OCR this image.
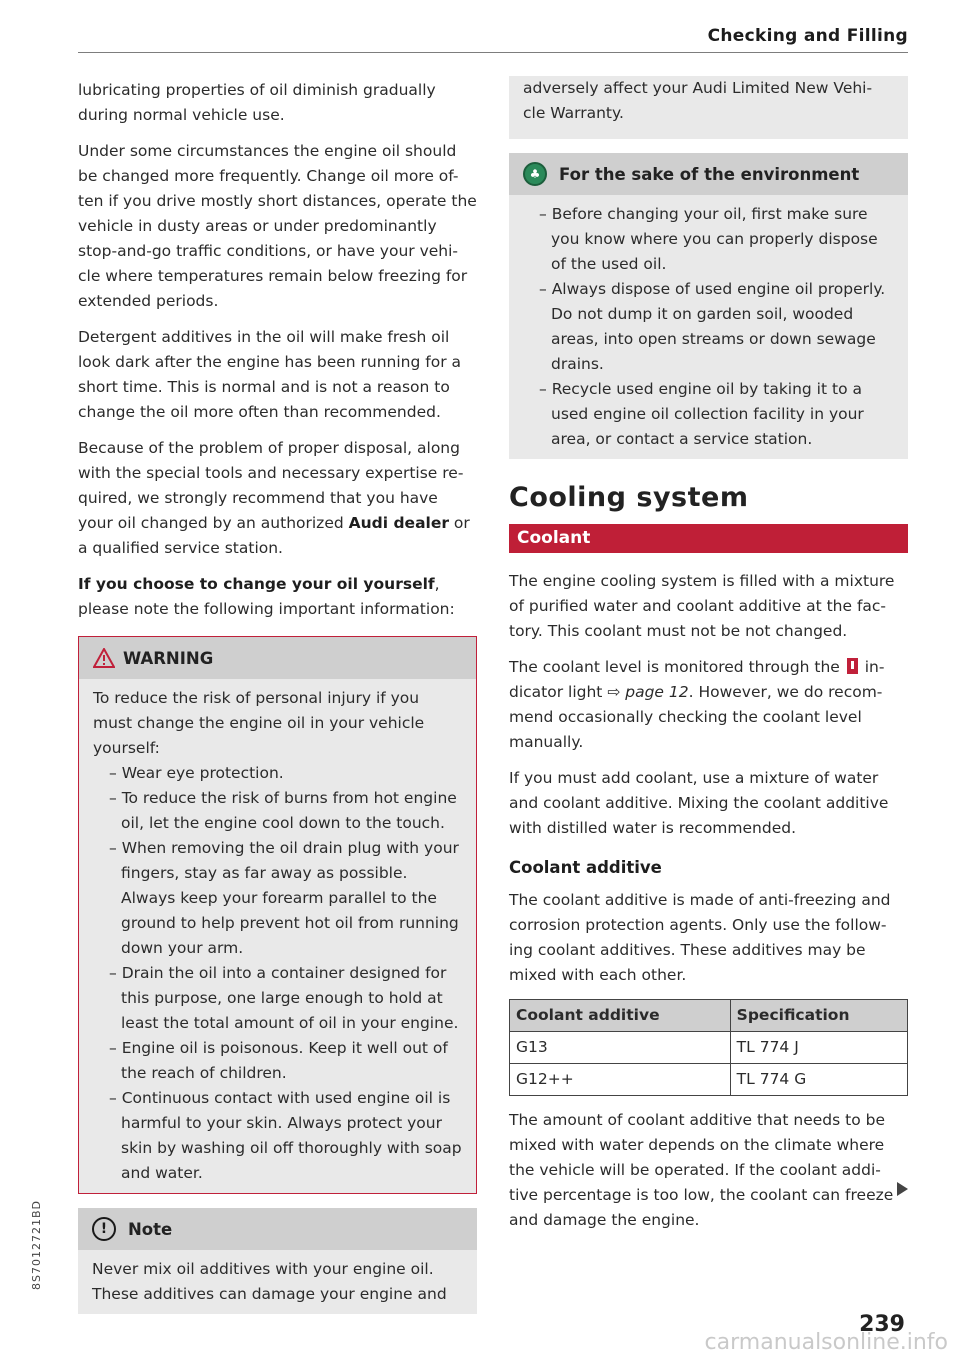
Checking and Filling

lubricating properties of oil diminish gradually during normal vehicle use.

Under some circumstances the engine oil should be changed more frequently. Change oil more of-ten if you drive mostly short distances, operate the vehicle in dusty areas or under predominantly stop-and-go traffic conditions, or have your vehi-cle where temperatures remain below freezing for extended periods.

Detergent additives in the oil will make fresh oil look dark after the engine has been running for a short time. This is normal and is not a reason to change the oil more often than recommended.

Because of the problem of proper disposal, along with the special tools and necessary expertise re-quired, we strongly recommend that you have your oil changed by an authorized Audi dealer or a qualified service station.

If you choose to change your oil yourself, please note the following important information:

WARNING

To reduce the risk of personal injury if you must change the engine oil in your vehicle yourself:

– Wear eye protection.
– To reduce the risk of burns from hot engine oil, let the engine cool down to the touch.
– When removing the oil drain plug with your fingers, stay as far away as possible. Always keep your forearm parallel to the ground to help prevent hot oil from running down your arm.
– Drain the oil into a container designed for this purpose, one large enough to hold at least the total amount of oil in your engine.
– Engine oil is poisonous. Keep it well out of the reach of children.
– Continuous contact with used engine oil is harmful to your skin. Always protect your skin by washing oil off thoroughly with soap and water.
!	Note

Never mix oil additives with your engine oil. These additives can damage your engine and

adversely affect your Audi Limited New Vehi-cle Warranty.

♣	For the sake of the environment
– Before changing your oil, first make sure you know where you can properly dispose of the used oil.
– Always dispose of used engine oil properly. Do not dump it on garden soil, wooded areas, into open streams or down sewage drains.
– Recycle used engine oil by taking it to a used engine oil collection facility in your area, or contact a service station.
Cooling system
Coolant

The engine cooling system is filled with a mixture of purified water and coolant additive at the fac-tory. This coolant must not be not changed.

The coolant level is monitored through the  in-dicator light ⇨ page 12. However, we do recom-mend occasionally checking the coolant level manually.

If you must add coolant, use a mixture of water and coolant additive. Mixing the coolant additive with distilled water is recommended.

Coolant additive

The coolant additive is made of anti-freezing and corrosion protection agents. Only use the follow-ing coolant additives. These additives may be mixed with each other.

Coolant additive	Specification
G13	TL 774 J
G12++	TL 774 G

The amount of coolant additive that needs to be mixed with water depends on the climate where the vehicle will be operated. If the coolant addi-tive percentage is too low, the coolant can freeze and damage the engine.

239
8S7012721BD
carmanualsonline.info
